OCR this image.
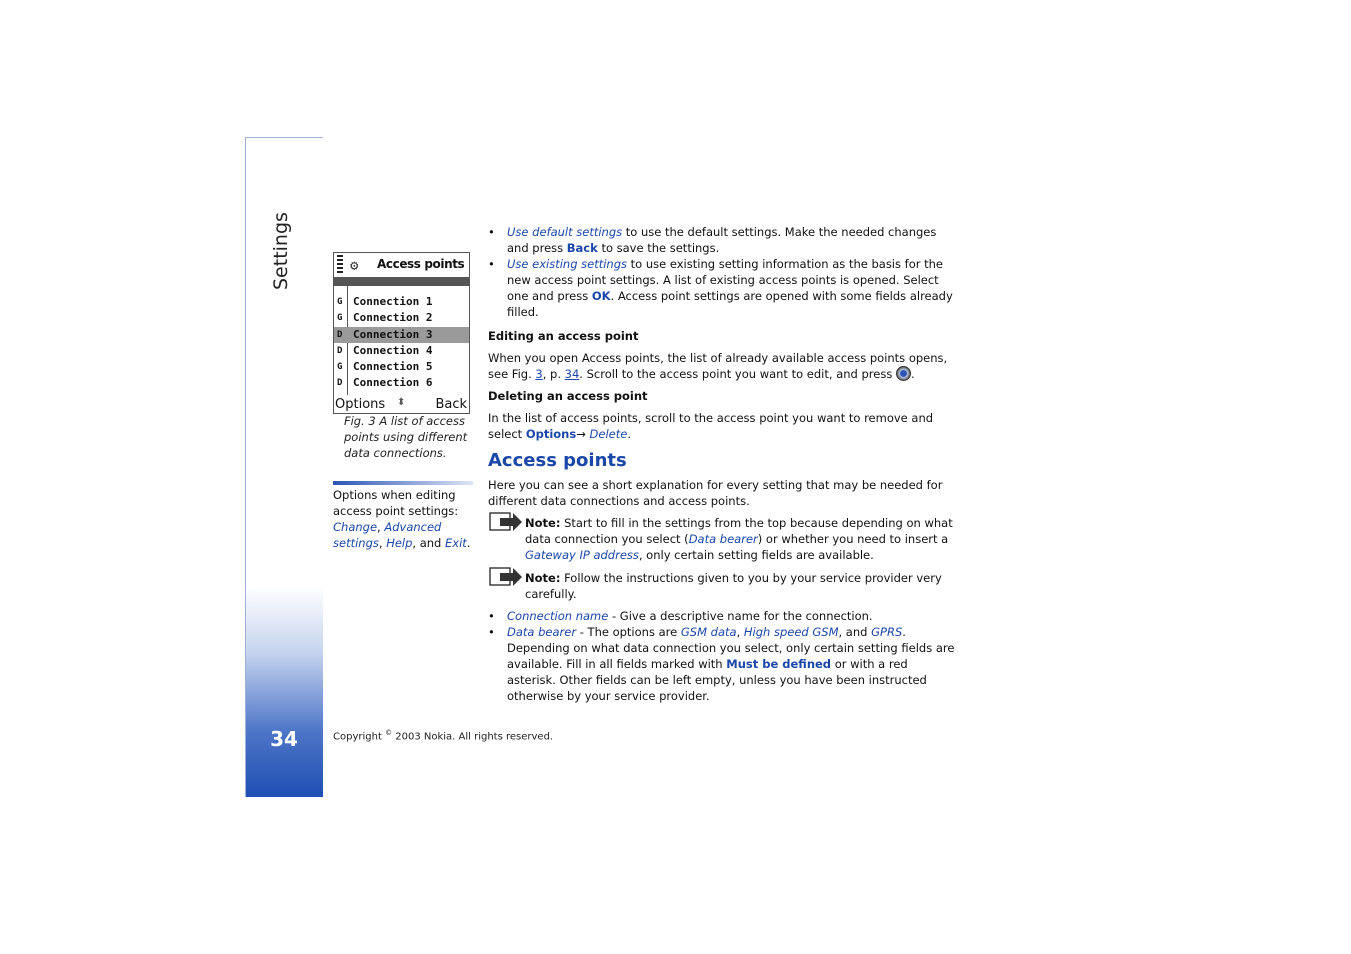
Settings
34
⚙ Access points
G Connection 1
G Connection 2
D Connection 3
D Connection 4
G Connection 5
D Connection 6
Options ⬍ Back
Fig. 3 A list of access points using different data connections.
Options when editing access point settings: Change, Advanced settings, Help, and Exit.

• Use default settings to use the default settings. Make the needed changes and press Back to save the settings.

• Use existing settings to use existing setting information as the basis for the new access point settings. A list of existing access points is opened. Select one and press OK. Access point settings are opened with some fields already filled.

Editing an access point

When you open Access points, the list of already available access points opens, see Fig. 3, p. 34. Scroll to the access point you want to edit, and press .

Deleting an access point

In the list of access points, scroll to the access point you want to remove and select Options→ Delete.

Access points

Here you can see a short explanation for every setting that may be needed for different data connections and access points.

Note: Start to fill in the settings from the top because depending on what data connection you select (Data bearer) or whether you need to insert a Gateway IP address, only certain setting fields are available.

Note: Follow the instructions given to you by your service provider very carefully.

• Connection name - Give a descriptive name for the connection.

• Data bearer - The options are GSM data, High speed GSM, and GPRS. Depending on what data connection you select, only certain setting fields are available. Fill in all fields marked with Must be defined or with a red asterisk. Other fields can be left empty, unless you have been instructed otherwise by your service provider.

Copyright © 2003 Nokia. All rights reserved.
